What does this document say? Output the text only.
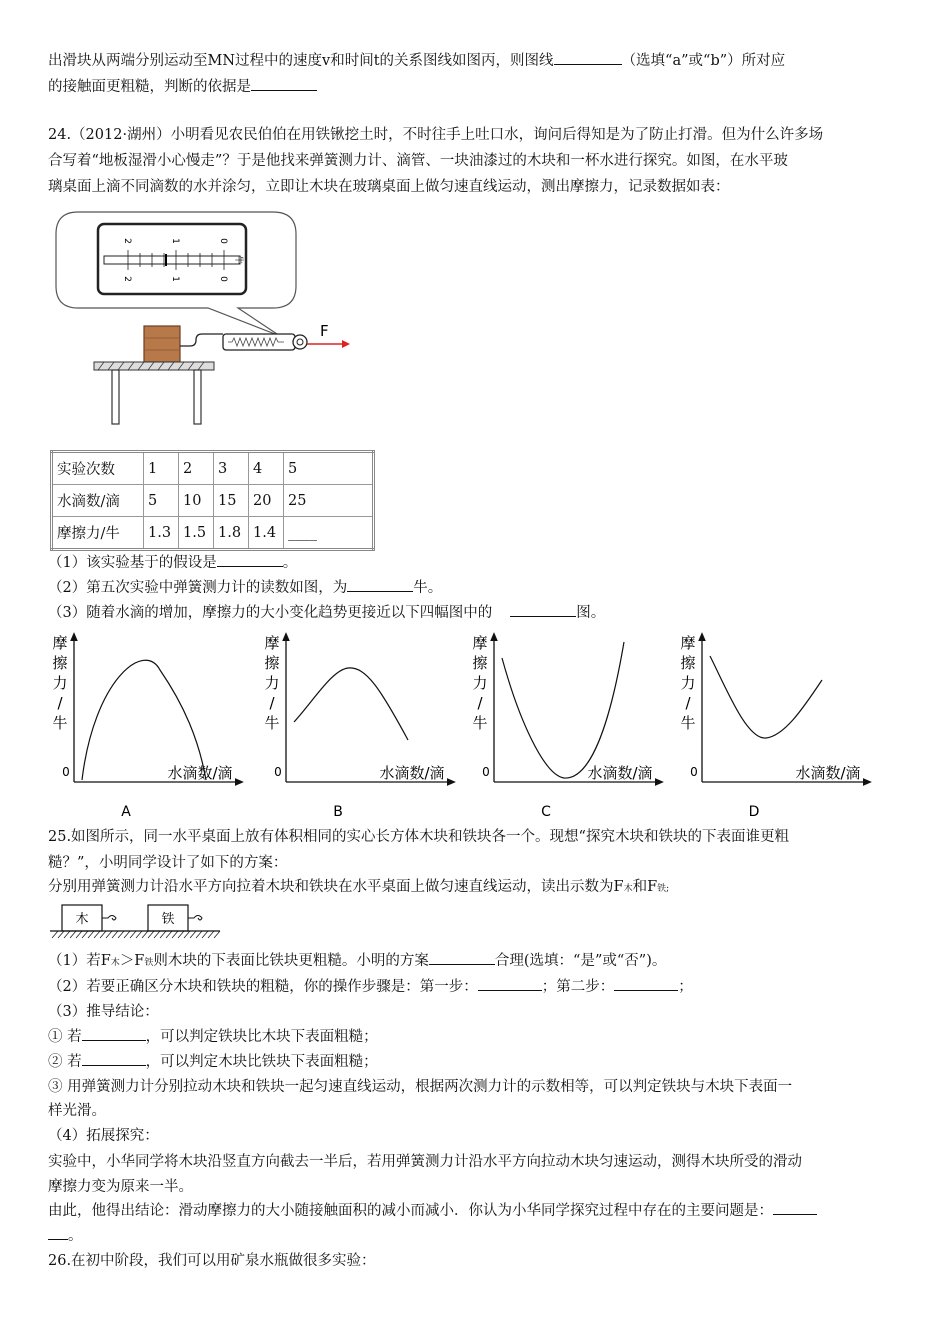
出滑块从两端分别运动至MN过程中的速度v和时间t的关系图线如图丙，则图线	（选填“a”或“b”）所对应
的接触面更粗糙，判断的依据是
24.（2012·湖州）小明看见农民伯伯在用铁锹挖土时，不时往手上吐口水，询问后得知是为了防止打滑。但为什么许多场
合写着“地板湿滑小心慢走”？于是他找来弹簧测力计、滴管、一块油漆过的木块和一杯水进行探究。如图，在水平玻
璃桌面上滴不同滴数的水并涂匀，立即让木块在玻璃桌面上做匀速直线运动，测出摩擦力，记录数据如表：
2	1	0
2	1	0
牛
F
实验次数	1	2	3	4	5
水滴数/滴	5	10	15	20	25
摩擦力/牛	1.3	1.5	1.8	1.4	____
（1）该实验基于的假设是	。
（2）第五次实验中弹簧测力计的读数如图，为	牛。
（3）随着水滴的增加，摩擦力的大小变化趋势更接近以下四幅图中的	图。
摩
擦
力
/
牛
0	水滴数/滴
A
摩
擦
力
/
牛
0	水滴数/滴
B
摩
擦
力
/
牛
0	水滴数/滴
C
摩
擦
力
/
牛
0	水滴数/滴
D
25.如图所示，同一水平桌面上放有体积相同的实心长方体木块和铁块各一个。现想“探究木块和铁块的下表面谁更粗
糙？”，小明同学设计了如下的方案：
分别用弹簧测力计沿水平方向拉着木块和铁块在水平桌面上做匀速直线运动，读出示数为F木和F铁;
木	铁
（1）若F木＞F铁则木块的下表面比铁块更粗糙。小明的方案	合理(选填：“是”或“否”)。
（2）若要正确区分木块和铁块的粗糙，你的操作步骤是：第一步：	；第二步：	；
（3）推导结论：
① 若	，可以判定铁块比木块下表面粗糙；
② 若	，可以判定木块比铁块下表面粗糙；
③ 用弹簧测力计分别拉动木块和铁块一起匀速直线运动，根据两次测力计的示数相等，可以判定铁块与木块下表面一
样光滑。
（4）拓展探究：
实验中，小华同学将木块沿竖直方向截去一半后，若用弹簧测力计沿水平方向拉动木块匀速运动，测得木块所受的滑动
摩擦力变为原来一半。
由此，他得出结论：滑动摩擦力的大小随接触面积的减小而减小．你认为小华同学探究过程中存在的主要问题是：
。
26.在初中阶段，我们可以用矿泉水瓶做很多实验：
